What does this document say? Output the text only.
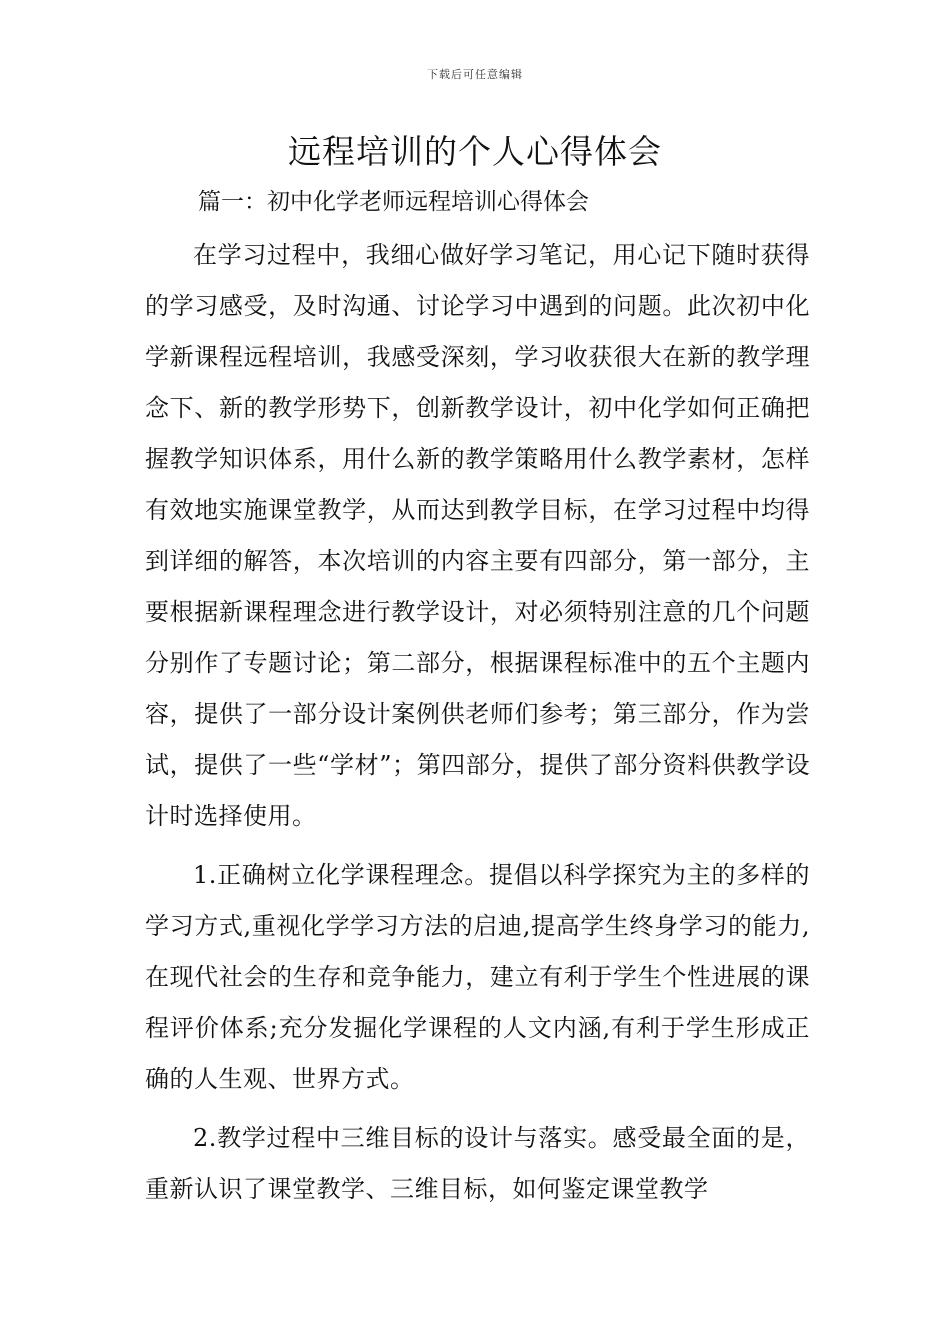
下载后可任意编辑
远程培训的个人心得体会
篇一：初中化学老师远程培训心得体会

在学习过程中，我细心做好学习笔记，用心记下随时获得的学习感受，及时沟通、讨论学习中遇到的问题。此次初中化学新课程远程培训，我感受深刻，学习收获很大在新的教学理念下、新的教学形势下，创新教学设计，初中化学如何正确把握教学知识体系，用什么新的教学策略用什么教学素材，怎样有效地实施课堂教学，从而达到教学目标，在学习过程中均得到详细的解答，本次培训的内容主要有四部分，第一部分，主要根据新课程理念进行教学设计，对必须特别注意的几个问题分别作了专题讨论；第二部分，根据课程标准中的五个主题内容，提供了一部分设计案例供老师们参考；第三部分，作为尝试，提供了一些“学材”；第四部分，提供了部分资料供教学设计时选择使用。

1.正确树立化学课程理念。提倡以科学探究为主的多样的学习方式,重视化学学习方法的启迪,提高学生终身学习的能力,在现代社会的生存和竞争能力，建立有利于学生个性进展的课程评价体系;充分发掘化学课程的人文内涵,有利于学生形成正确的人生观、世界方式。

2.教学过程中三维目标的设计与落实。感受最全面的是，重新认识了课堂教学、三维目标，如何鉴定课堂教学
